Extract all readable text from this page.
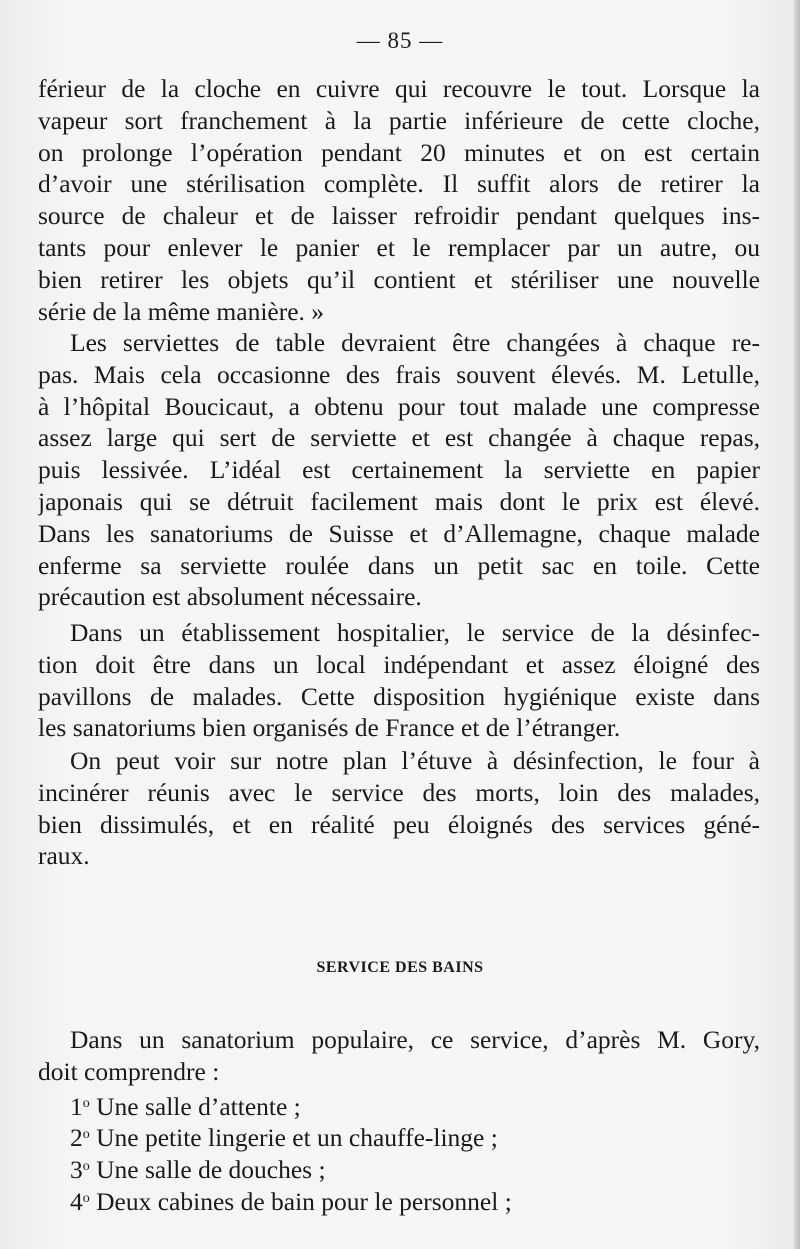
— 85 —
férieur de la cloche en cuivre qui recouvre le tout. Lorsque la
vapeur sort franchement à la partie inférieure de cette cloche,
on prolonge l’opération pendant 20 minutes et on est certain
d’avoir une stérilisation complète. Il suffit alors de retirer la
source de chaleur et de laisser refroidir pendant quelques ins-
tants pour enlever le panier et le remplacer par un autre, ou
bien retirer les objets qu’il contient et stériliser une nouvelle
série de la même manière. »
Les serviettes de table devraient être changées à chaque re-
pas. Mais cela occasionne des frais souvent élevés. M. Letulle,
à l’hôpital Boucicaut, a obtenu pour tout malade une compresse
assez large qui sert de serviette et est changée à chaque repas,
puis lessivée. L’idéal est certainement la serviette en papier
japonais qui se détruit facilement mais dont le prix est élevé.
Dans les sanatoriums de Suisse et d’Allemagne, chaque malade
enferme sa serviette roulée dans un petit sac en toile. Cette
précaution est absolument nécessaire.
Dans un établissement hospitalier, le service de la désinfec-
tion doit être dans un local indépendant et assez éloigné des
pavillons de malades. Cette disposition hygiénique existe dans
les sanatoriums bien organisés de France et de l’étranger.
On peut voir sur notre plan l’étuve à désinfection, le four à
incinérer réunis avec le service des morts, loin des malades,
bien dissimulés, et en réalité peu éloignés des services géné-
raux.
SERVICE DES BAINS
Dans un sanatorium populaire, ce service, d’après M. Gory,
doit comprendre :
1$^o$ Une salle d’attente ;
2$^o$ Une petite lingerie et un chauffe-linge ;
3$^o$ Une salle de douches ;
4$^o$ Deux cabines de bain pour le personnel ;
